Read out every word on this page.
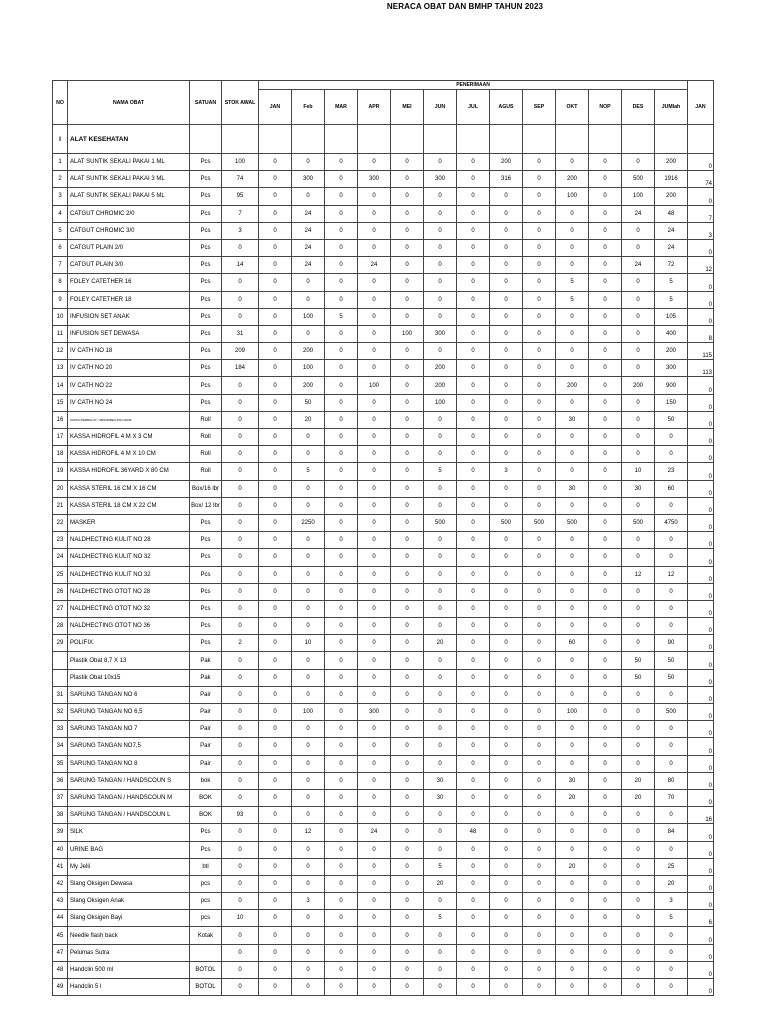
NERACA OBAT DAN BMHP TAHUN 2023
NO	NAMA OBAT	SATUAN	STOK AWAL	PENERIMAAN													
				JAN	Feb	MAR	APR	MEI	JUN	JUL	AGUS	SEP	OKT	NOP	DES	JUMlah	JAN
I	ALAT KESEHATAN																
1	ALAT SUNTIK SEKALI PAKAI 1 ML	Pcs	100	0	0	0	0	0	0	0	200	0	0	0	0	200	0
2	ALAT SUNTIK SEKALI PAKAI 3 ML	Pcs	74	0	300	0	300	0	300	0	316	0	200	0	500	1916	74
3	ALAT SUNTIK SEKALI PAKAI 5 ML	Pcs	95	0	0	0	0	0	0	0	0	0	100	0	100	200	0
4	CATGUT CHROMIC 2/0	Pcs	7	0	24	0	0	0	0	0	0	0	0	0	24	48	7
5	CATGUT CHROMIC 3/0	Pcs	3	0	24	0	0	0	0	0	0	0	0	0	0	24	3
6	CATGUT PLAIN 2/0	Pcs	0	0	24	0	0	0	0	0	0	0	0	0	0	24	0
7	CATGUT PLAIN 3/0	Pcs	14	0	24	0	24	0	0	0	0	0	0	0	24	72	12
8	FOLEY CATETHER 16	Pcs	0	0	0	0	0	0	0	0	0	0	5	0	0	5	0
9	FOLEY CATETHER 18	Pcs	0	0	0	0	0	0	0	0	0	0	5	0	0	5	0
10	INFUSION SET ANAK	Pcs	0	0	100	5	0	0	0	0	0	0	0	0	0	105	0
11	INFUSION SET DEWASA	Pcs	31	0	0	0	0	100	300	0	0	0	0	0	0	400	8
12	IV CATH NO 18	Pcs	209	0	200	0	0	0	0	0	0	0	0	0	0	200	115
13	IV CATH NO 20	Pcs	184	0	100	0	0	0	200	0	0	0	0	0	0	300	113
14	IV CATH NO 22	Pcs	0	0	200	0	100	0	200	0	0	0	200	0	200	900	0
15	IV CATH NO 24	Pcs	0	0	50	0	0	0	100	0	0	0	0	0	0	150	0
16	KAPAS PEMBALUT / ABSORBEN 250 GRAM	Roll	0	0	20	0	0	0	0	0	0	0	30	0	0	50	0
17	KASSA HIDROFIL 4 M X 3 CM	Roll	0	0	0	0	0	0	0	0	0	0	0	0	0	0	0
18	KASSA HIDROFIL 4 M X 10 CM	Roll	0	0	0	0	0	0	0	0	0	0	0	0	0	0	0
19	KASSA HIDROFIL 36YARD X 80 CM	Roll	0	0	5	0	0	0	5	0	3	0	0	0	10	23	0
20	KASSA STERIL 16 CM X 16 CM	Box/16 lbr	0	0	0	0	0	0	0	0	0	0	30	0	30	60	0
21	KASSA STERIL 18 CM X 22 CM	Box/ 12 lbr	0	0	0	0	0	0	0	0	0	0	0	0	0	0	0
22	MASKER	Pcs	0	0	2250	0	0	0	500	0	500	500	500	0	500	4750	0
23	NALDHECTING KULIT NO 28	Pcs	0	0	0	0	0	0	0	0	0	0	0	0	0	0	0
24	NALDHECTING KULIT NO 32	Pcs	0	0	0	0	0	0	0	0	0	0	0	0	0	0	0
25	NALDHECTING KULIT NO 32	Pcs	0	0	0	0	0	0	0	0	0	0	0	0	12	12	0
26	NALDHECTING OTOT NO 28	Pcs	0	0	0	0	0	0	0	0	0	0	0	0	0	0	0
27	NALDHECTING OTOT NO 32	Pcs	0	0	0	0	0	0	0	0	0	0	0	0	0	0	0
28	NALDHECTING OTOT NO 36	Pcs	0	0	0	0	0	0	0	0	0	0	0	0	0	0	0
29	POLIFIX	Pcs	2	0	10	0	0	0	20	0	0	0	60	0	0	90	0
	Plastik Obat 8,7 X 13	Pak	0	0	0	0	0	0	0	0	0	0	0	0	50	50	0
	Plastik Obat 10x15	Pak	0	0	0	0	0	0	0	0	0	0	0	0	50	50	0
31	SARUNG TANGAN NO 6	Pair	0	0	0	0	0	0	0	0	0	0	0	0	0	0	0
32	SARUNG TANGAN NO 6,5	Pair	0	0	100	0	300	0	0	0	0	0	100	0	0	500	0
33	SARUNG TANGAN NO 7	Pair	0	0	0	0	0	0	0	0	0	0	0	0	0	0	0
34	SARUNG TANGAN NO7,5	Pair	0	0	0	0	0	0	0	0	0	0	0	0	0	0	0
35	SARUNG TANGAN NO 8	Pair	0	0	0	0	0	0	0	0	0	0	0	0	0	0	0
36	SARUNG TANGAN / HANDSCOUN S	bok	0	0	0	0	0	0	30	0	0	0	30	0	20	80	0
37	SARUNG TANGAN / HANDSCOUN M	BOK	0	0	0	0	0	0	30	0	0	0	20	0	20	70	0
38	SARUNG TANGAN / HANDSCOUN L	BOK	93	0	0	0	0	0	0	0	0	0	0	0	0	0	16
39	SILK	Pcs	0	0	12	0	24	0	0	48	0	0	0	0	0	84	0
40	URINE BAG	Pcs	0	0	0	0	0	0	0	0	0	0	0	0	0	0	0
41	My Jelli	btl	0	0	0	0	0	0	5	0	0	0	20	0	0	25	0
42	Slang Oksigen Dewasa	pcs	0	0	0	0	0	0	20	0	0	0	0	0	0	20	0
43	Slang Oksigen Anak	pcs	0	0	3	0	0	0	0	0	0	0	0	0	0	3	0
44	Slang Oksigen Bayi	pcs	10	0	0	0	0	0	5	0	0	0	0	0	0	5	6
45	Needle flash back	Kotak	0	0	0	0	0	0	0	0	0	0	0	0	0	0	0
47	Pelumas Sutra		0	0	0	0	0	0	0	0	0	0	0	0	0	0	0
48	Handclin 500 ml	BOTOL	0	0	0	0	0	0	0	0	0	0	0	0	0	0	0
49	Handclin 5 l	BOTOL	0	0	0	0	0	0	0	0	0	0	0	0	0	0	0
